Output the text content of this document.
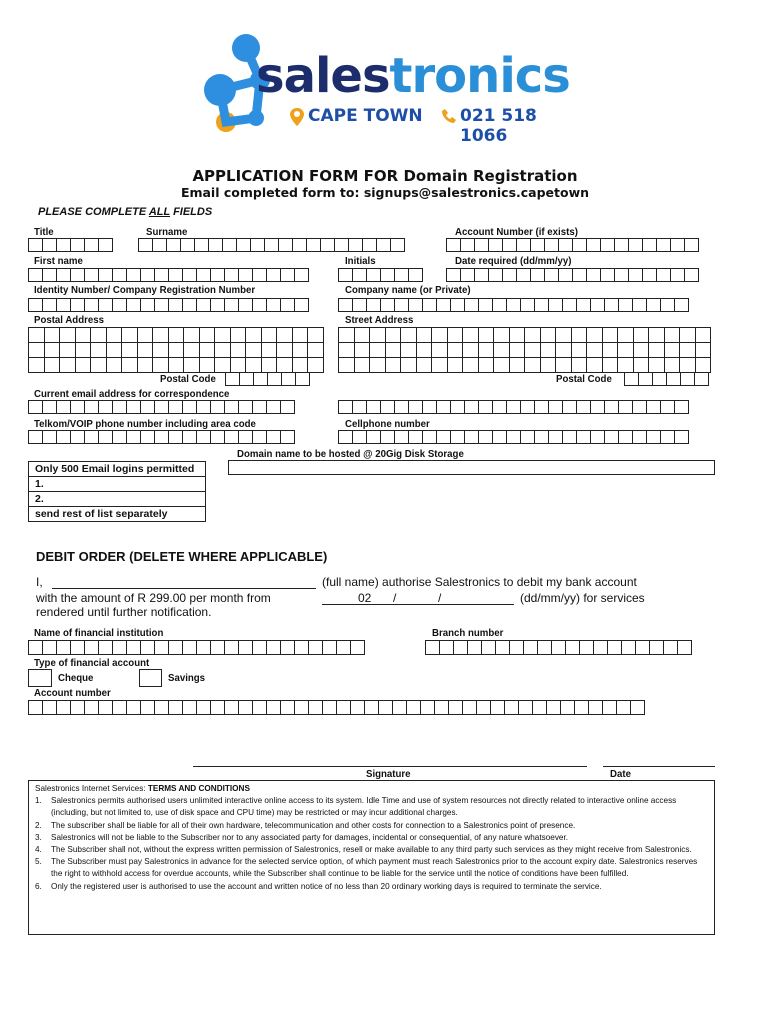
salestronics
CAPE TOWN 021 518 1066
APPLICATION FORM FOR Domain Registration
Email completed form to: signups@salestronics.capetown
PLEASE COMPLETE ALL FIELDS
Title	Surname	Account Number (if exists)
First name	Initials	Date required (dd/mm/yy)
Identity Number/ Company Registration Number	Company name (or Private)
Postal Address	Street Address
Postal Code	Postal Code
Current email address for correspondence
Telkom/VOIP phone number including area code	Cellphone number
Domain name to be hosted @ 20Gig Disk Storage
Only 500 Email logins permitted
1.
2.
send rest of list separately
DEBIT ORDER (DELETE WHERE APPLICABLE)
I,	(full name) authorise Salestronics to debit my bank account
with the amount of R 299.00 per month from	02 /	/	(dd/mm/yy) for services
rendered until further notification.
Name of financial institution	Branch number
Type of financial account
Cheque	Savings
Account number
Signature	Date
Salestronics Internet Services: TERMS AND CONDITIONS
1.	Salestronics permits authorised users unlimited interactive online access to its system. Idle Time and use of system resources not directly related to interactive online access (including, but not limited to, use of disk space and CPU time) may be restricted or may incur additional charges.
2.	The subscriber shall be liable for all of their own hardware, telecommunication and other costs for connection to a Salestronics point of presence.
3.	Salestronics will not be liable to the Subscriber nor to any associated party for damages, incidental or consequential, of any nature whatsoever.
4.	The Subscriber shall not, without the express written permission of Salestronics, resell or make available to any third party such services as they might receive from Salestronics.
5.	The Subscriber must pay Salestronics in advance for the selected service option, of which payment must reach Salestronics prior to the account expiry date. Salestronics reserves the right to withhold access for overdue accounts, while the Subscriber shall continue to be liable for the service until the notice of conditions have been fulfilled.
6.	Only the registered user is authorised to use the account and written notice of no less than 20 ordinary working days is required to terminate the service.
